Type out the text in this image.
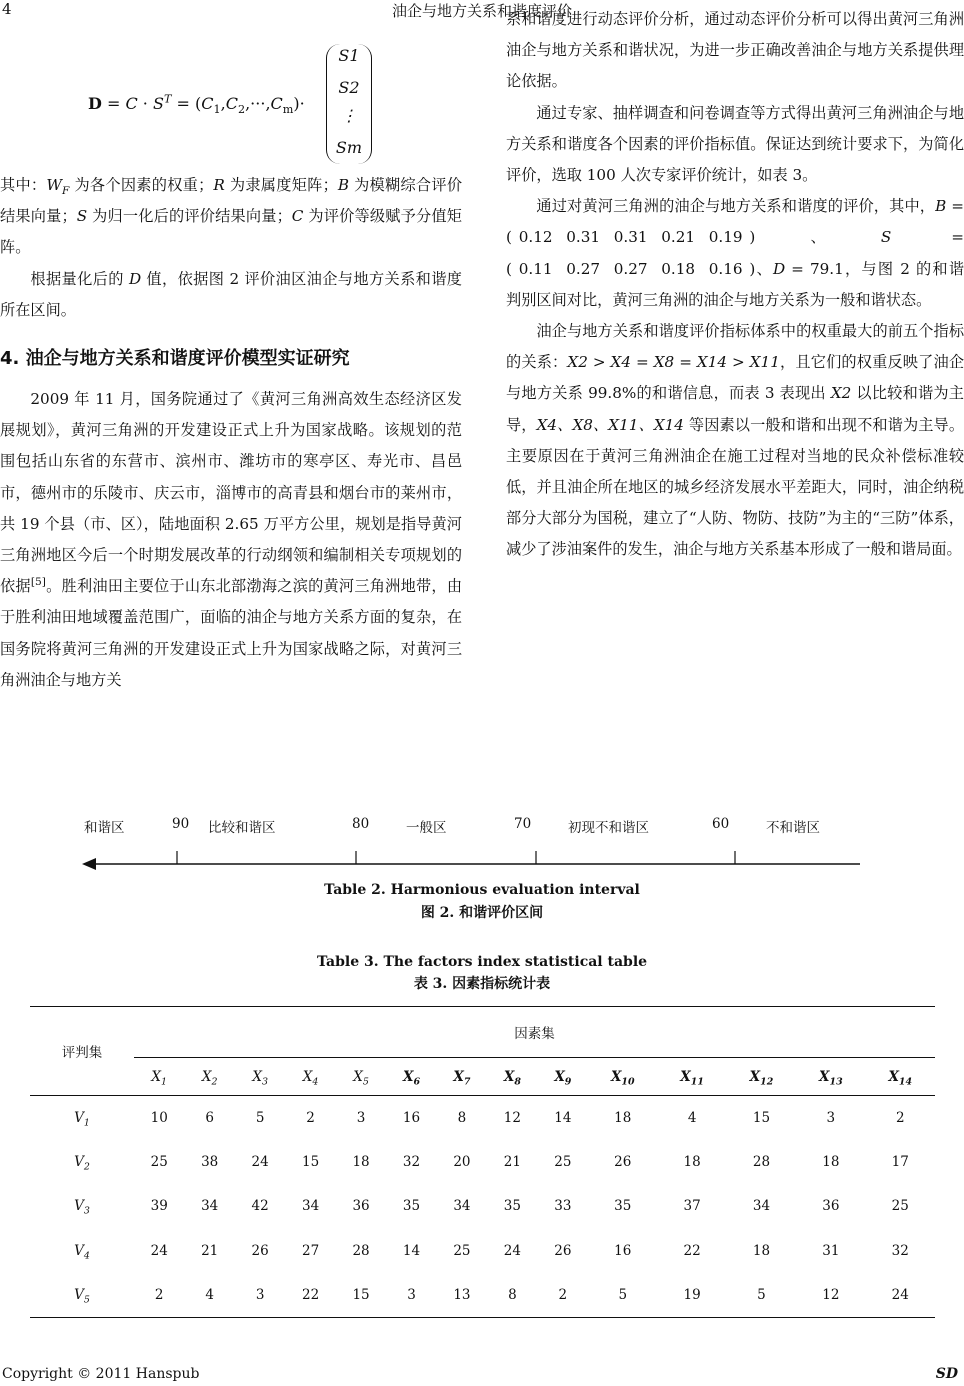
4	油企与地方关系和谐度评价
$D = C \cdot S^T = (C_1,C_2,\cdot\cdot\cdot,C_m)\cdot$
S1
S2
⋮
Sm

其中：$W_F$ 为各个因素的权重；R 为隶属度矩阵；B 为模糊综合评价结果向量；S 为归一化后的评价结果向量；C 为评价等级赋予分值矩阵。

根据量化后的 D 值，依据图 2 评价油区油企与地方关系和谐度所在区间。

4. 油企与地方关系和谐度评价模型实证研究

2009 年 11 月，国务院通过了《黄河三角洲高效生态经济区发展规划》，黄河三角洲的开发建设正式上升为国家战略。该规划的范围包括山东省的东营市、滨州市、潍坊市的寒亭区、寿光市、昌邑市，德州市的乐陵市、庆云市，淄博市的高青县和烟台市的莱州市，共 19 个县（市、区），陆地面积 2.65 万平方公里，规划是指导黄河三角洲地区今后一个时期发展改革的行动纲领和编制相关专项规划的依据[5]。胜利油田主要位于山东北部渤海之滨的黄河三角洲地带，由于胜利油田地域覆盖范围广，面临的油企与地方关系方面的复杂，在国务院将黄河三角洲的开发建设正式上升为国家战略之际，对黄河三角洲油企与地方关

系和谐度进行动态评价分析，通过动态评价分析可以得出黄河三角洲油企与地方关系和谐状况，为进一步正确改善油企与地方关系提供理论依据。

通过专家、抽样调查和问卷调查等方式得出黄河三角洲油企与地方关系和谐度各个因素的评价指标值。保证达到统计要求下，为简化评价，选取 100 人次专家评价统计，如表 3。

通过对黄河三角洲的油企与地方关系和谐度的评价，其中，B = ( 0.12 0.31 0.31 0.21 0.19 )、S = ( 0.11 0.27 0.27 0.18 0.16 )、D = 79.1，与图 2 的和谐判别区间对比，黄河三角洲的油企与地方关系为一般和谐状态。

油企与地方关系和谐度评价指标体系中的权重最大的前五个指标的关系：X2 > X4 = X8 = X14 > X11，且它们的权重反映了油企与地方关系 99.8%的和谐信息，而表 3 表现出 X2 以比较和谐为主导，X4、X8、X11、X14 等因素以一般和谐和出现不和谐为主导。主要原因在于黄河三角洲油企在施工过程对当地的民众补偿标准较低，并且油企所在地区的城乡经济发展水平差距大，同时，油企纳税部分大部分为国税，建立了“人防、物防、技防”为主的“三防”体系，减少了涉油案件的发生，油企与地方关系基本形成了一般和谐局面。

和谐区	90 比较和谐区	80	一般区	70	初现不和谐区	60	不和谐区
Table 2. Harmonious evaluation interval
图 2. 和谐评价区间
Table 3. The factors index statistical table
表 3. 因素指标统计表
评判集	因素集													
	$X_1$	$X_2$	$X_3$	$X_4$	$X_5$	$X_6$	$X_7$	$X_8$	$X_9$	$X_{10}$	$X_{11}$	$X_{12}$	$X_{13}$	$X_{14}$
$V_1$	10	6	5	2	3	16	8	12	14	18	4	15	3	2
$V_2$	25	38	24	15	18	32	20	21	25	26	18	28	18	17
$V_3$	39	34	42	34	36	35	34	35	33	35	37	34	36	25
$V_4$	24	21	26	27	28	14	25	24	26	16	22	18	31	32
$V_5$	2	4	3	22	15	3	13	8	2	5	19	5	12	24
Copyright © 2011 Hanspub	SD
